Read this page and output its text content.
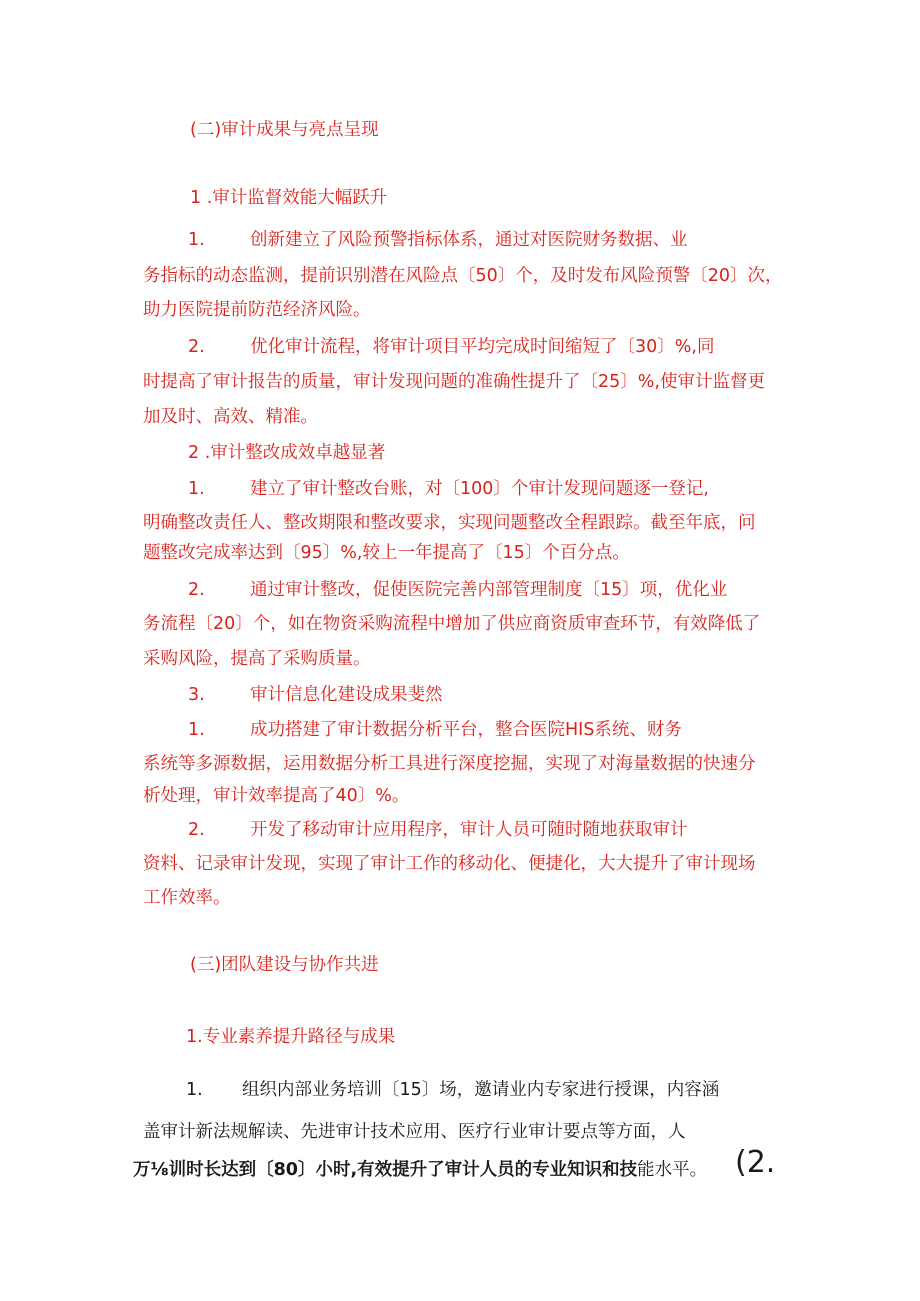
(二)审计成果与亮点呈现
1 .审计监督效能大幅跃升
1.	创新建立了风险预警指标体系，通过对医院财务数据、业
务指标的动态监测，提前识别潜在风险点〔50〕个，及时发布风险预警〔20〕次，
助力医院提前防范经济风险。
2.	优化审计流程，将审计项目平均完成时间缩短了〔30〕%,同
时提高了审计报告的质量，审计发现问题的准确性提升了〔25〕%,使审计监督更
加及时、高效、精准。
2 .审计整改成效卓越显著
1.	建立了审计整改台账，对〔100〕个审计发现问题逐一登记,
明确整改责任人、整改期限和整改要求，实现问题整改全程跟踪。截至年底，问
题整改完成率达到〔95〕%,较上一年提高了〔15〕个百分点。
2.	通过审计整改，促使医院完善内部管理制度〔15〕项，优化业
务流程〔20〕个，如在物资采购流程中增加了供应商资质审查环节，有效降低了
采购风险，提高了采购质量。
3.	审计信息化建设成果斐然
1.	成功搭建了审计数据分析平台，整合医院HIS系统、财务
系统等多源数据，运用数据分析工具进行深度挖掘，实现了对海量数据的快速分
析处理，审计效率提高了40〕%。
2.	开发了移动审计应用程序，审计人员可随时随地获取审计
资料、记录审计发现，实现了审计工作的移动化、便捷化，大大提升了审计现场
工作效率。
(三)团队建设与协作共进
1.专业素养提升路径与成果
1. 组织内部业务培训〔15〕场，邀请业内专家进行授课，内容涵
盖审计新法规解读、先进审计技术应用、医疗行业审计要点等方面，人
万⅛训时长达到〔80〕小时,有效提升了审计人员的专业知识和技能水平。 (2.
